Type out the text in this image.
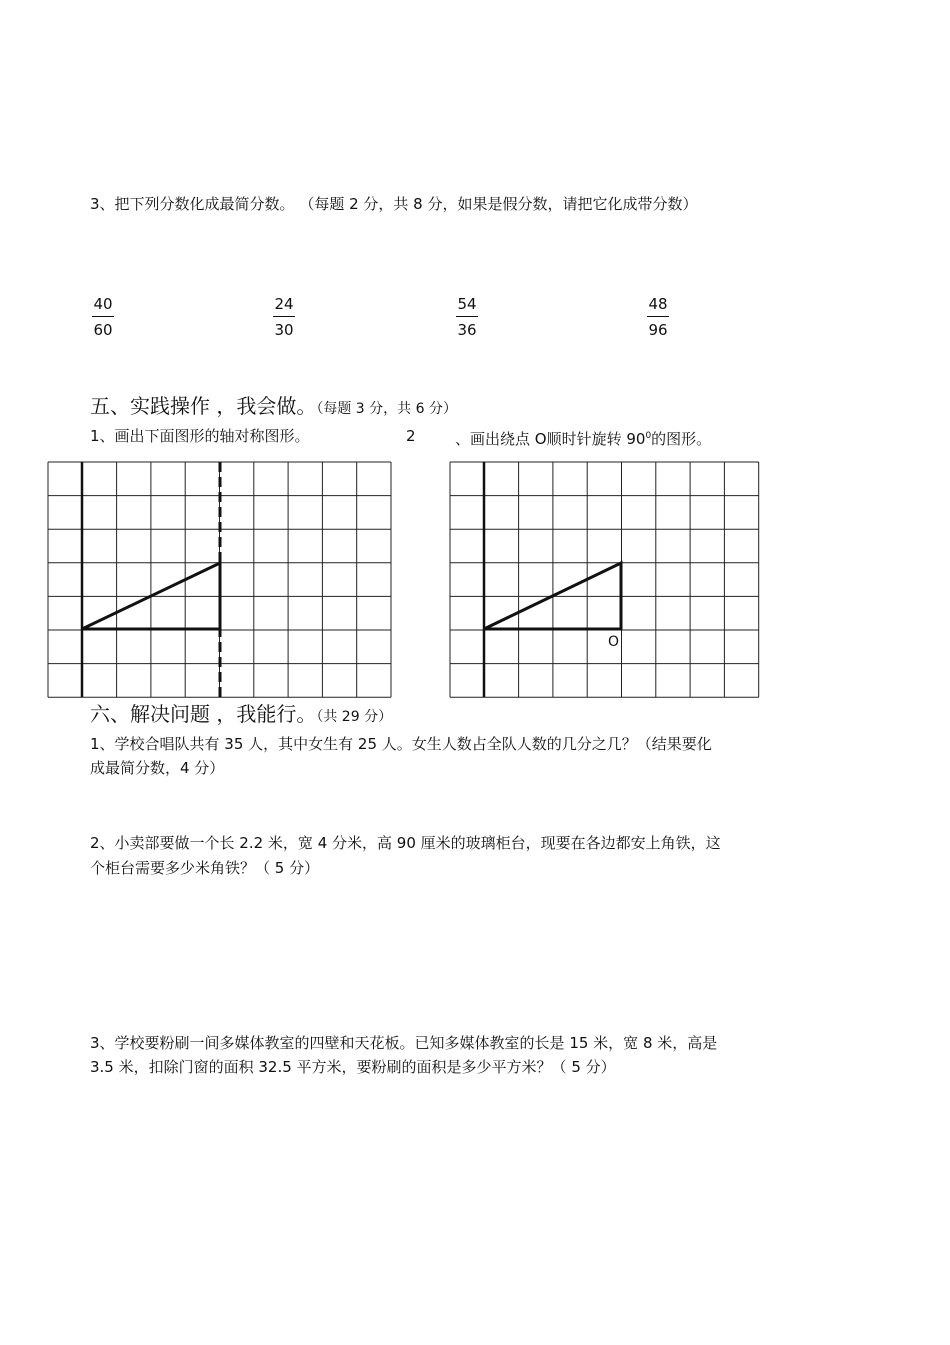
3、把下列分数化成最简分数。 （每题 2 分，共 8 分，如果是假分数，请把它化成带分数）
40
60
24
30
54
36
48
96
五、实践操作 ，我会做。（每题 3 分，共 6 分）
1、画出下面图形的轴对称图形。	2	、画出绕点 O顺时针旋转 $90^0$的图形。
O
六、解决问题 ，我能行。（共 29 分）
1、学校合唱队共有 35 人，其中女生有 25 人。女生人数占全队人数的几分之几？（结果要化
成最简分数，4 分）
2、小卖部要做一个长 2.2 米，宽 4 分米，高 90 厘米的玻璃柜台，现要在各边都安上角铁，这
个柜台需要多少米角铁？（ 5 分）
3、学校要粉刷一间多媒体教室的四壁和天花板。已知多媒体教室的长是 15 米，宽 8 米，高是
3.5 米，扣除门窗的面积 32.5 平方米，要粉刷的面积是多少平方米？（ 5 分）
